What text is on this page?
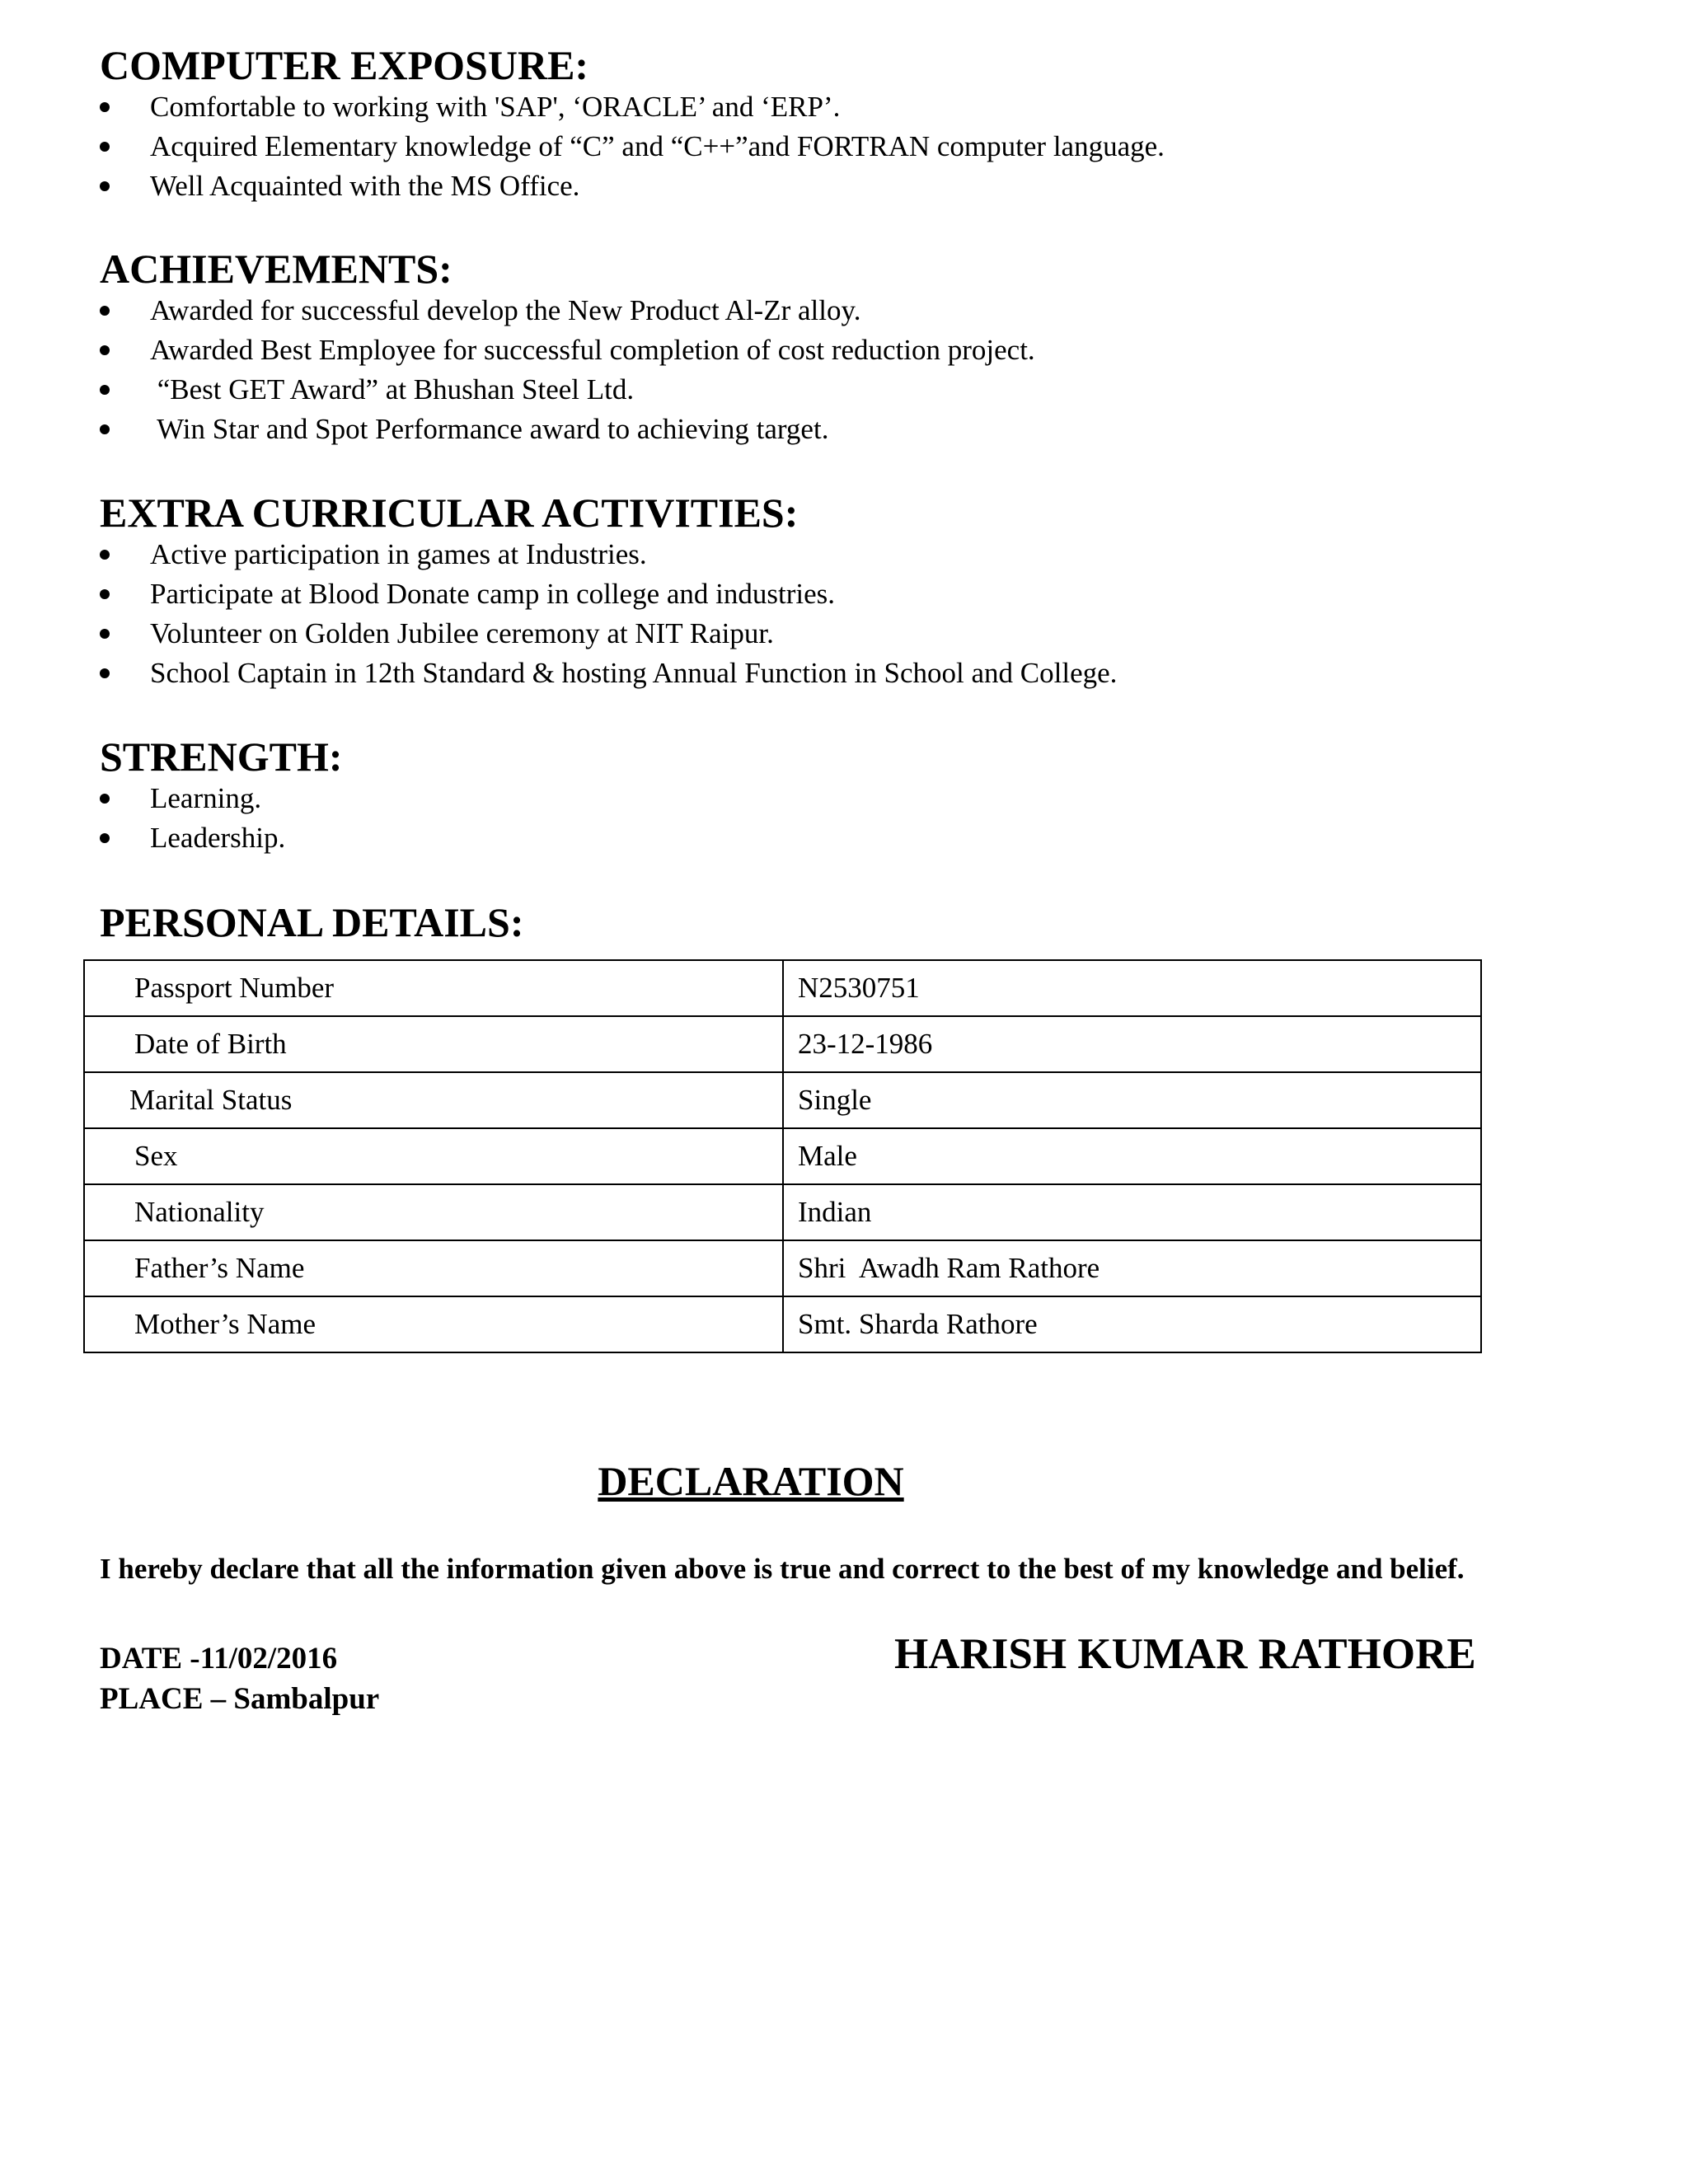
COMPUTER EXPOSURE:
Comfortable to working with 'SAP', ‘ORACLE’ and ‘ERP’.
Acquired Elementary knowledge of “C” and “C++”and FORTRAN computer language.
Well Acquainted with the MS Office.
ACHIEVEMENTS:
Awarded for successful develop the New Product Al-Zr alloy.
Awarded Best Employee for successful completion of cost reduction project.
“Best GET Award” at Bhushan Steel Ltd.
Win Star and Spot Performance award to achieving target.
EXTRA CURRICULAR ACTIVITIES:
Active participation in games at Industries.
Participate at Blood Donate camp in college and industries.
Volunteer on Golden Jubilee ceremony at NIT Raipur.
School Captain in 12th Standard & hosting Annual Function in School and College.
STRENGTH:
Learning.
Leadership.
PERSONAL DETAILS:
Passport Number	N2530751
Date of Birth	23-12-1986
Marital Status	Single
Sex	Male
Nationality	Indian
Father’s Name	Shri  Awadh Ram Rathore
Mother’s Name	Smt. Sharda Rathore
DECLARATION

I hereby declare that all the information given above is true and correct to the best of my knowledge and belief.

DATE -11/02/2016

PLACE – Sambalpur

HARISH KUMAR RATHORE
